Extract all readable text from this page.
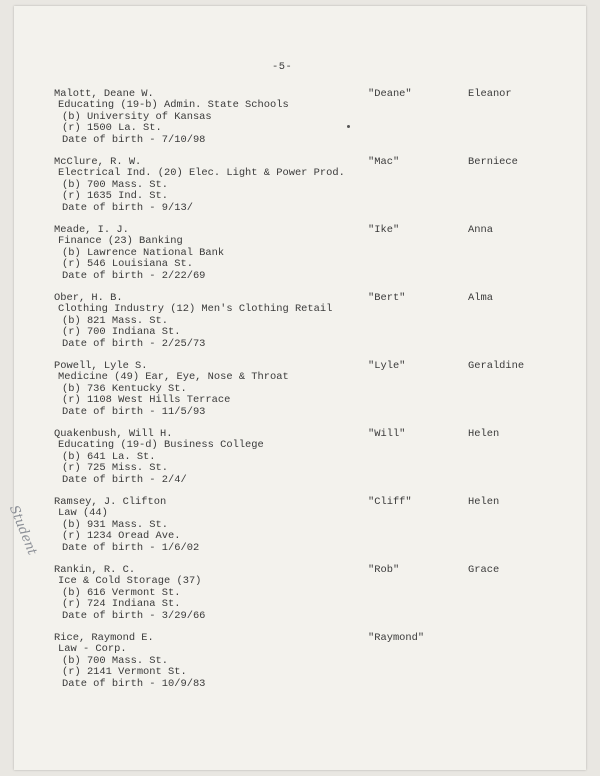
-5-
Student
Malott, Deane W.	"Deane"	Eleanor
Educating (19-b) Admin. State Schools
(b) University of Kansas
(r) 1500 La. St.
Date of birth - 7/10/98
McClure, R. W.	"Mac"	Berniece
Electrical Ind. (20) Elec. Light & Power Prod.
(b) 700 Mass. St.
(r) 1635 Ind. St.
Date of birth - 9/13/
Meade, I. J.	"Ike"	Anna
Finance (23) Banking
(b) Lawrence National Bank
(r) 546 Louisiana St.
Date of birth - 2/22/69
Ober, H. B.	"Bert"	Alma
Clothing Industry (12) Men's Clothing Retail
(b) 821 Mass. St.
(r) 700 Indiana St.
Date of birth - 2/25/73
Powell, Lyle S.	"Lyle"	Geraldine
Medicine (49) Ear, Eye, Nose & Throat
(b) 736 Kentucky St.
(r) 1108 West Hills Terrace
Date of birth - 11/5/93
Quakenbush, Will H.	"Will"	Helen
Educating (19-d) Business College
(b) 641 La. St.
(r) 725 Miss. St.
Date of birth - 2/4/
Ramsey, J. Clifton	"Cliff"	Helen
Law (44)
(b) 931 Mass. St.
(r) 1234 Oread Ave.
Date of birth - 1/6/02
Rankin, R. C.	"Rob"	Grace
Ice & Cold Storage (37)
(b) 616 Vermont St.
(r) 724 Indiana St.
Date of birth - 3/29/66
Rice, Raymond E.	"Raymond"
Law - Corp.
(b) 700 Mass. St.
(r) 2141 Vermont St.
Date of birth - 10/9/83
